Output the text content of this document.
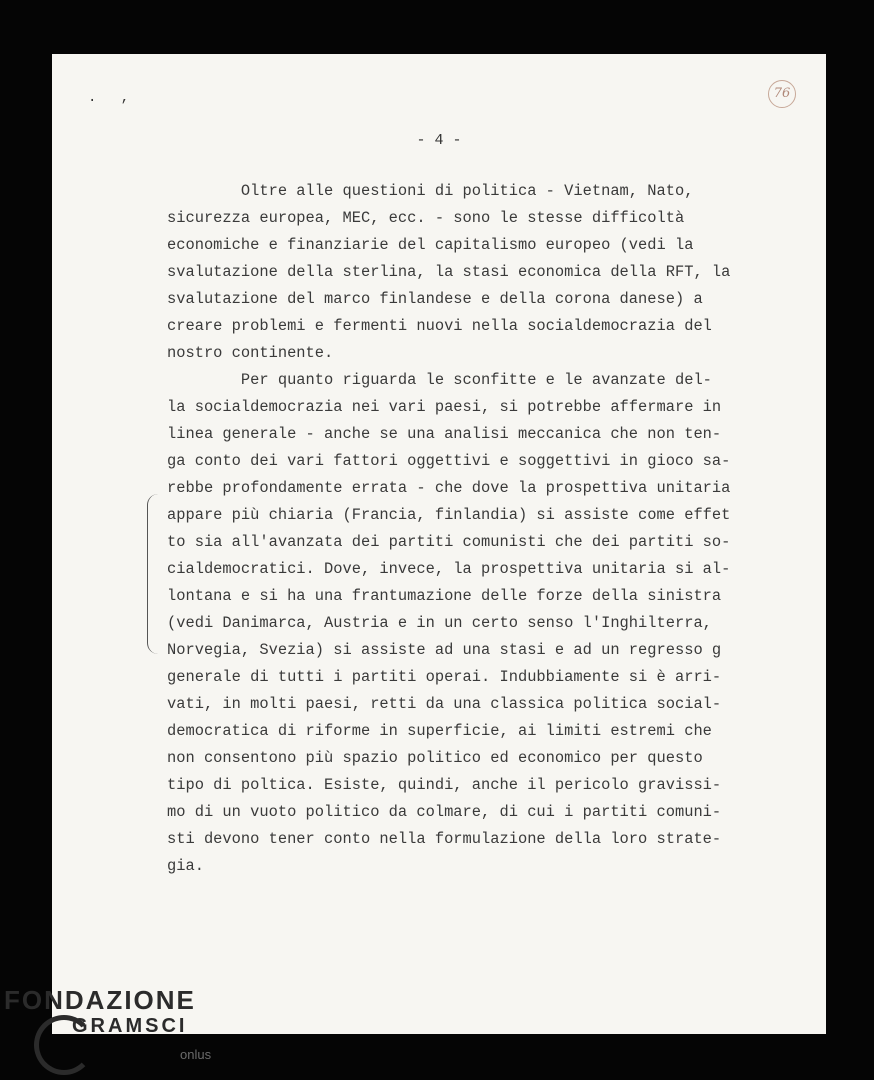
. ,	76
- 4 -

Oltre alle questioni di politica - Vietnam, Nato,
sicurezza europea, MEC, ecc. - sono le stesse difficoltà
economiche e finanziarie del capitalismo europeo (vedi la
svalutazione della sterlina, la stasi economica della RFT, la
svalutazione del marco finlandese e della corona danese) a
creare problemi e fermenti nuovi nella socialdemocrazia del
nostro continente.

Per quanto riguarda le sconfitte e le avanzate del-
la socialdemocrazia nei vari paesi, si potrebbe affermare in
linea generale - anche se una analisi meccanica che non ten-
ga conto dei vari fattori oggettivi e soggettivi in gioco sa-
rebbe profondamente errata - che dove la prospettiva unitaria
appare più chiaria (Francia, finlandia) si assiste come effet
to sia all'avanzata dei partiti comunisti che dei partiti so-
cialdemocratici. Dove, invece, la prospettiva unitaria si al-
lontana e si ha una frantumazione delle forze della sinistra
(vedi Danimarca, Austria e in un certo senso l'Inghilterra,
Norvegia, Svezia) si assiste ad una stasi e ad un regresso g
generale di tutti i partiti operai. Indubbiamente si è arri-
vati, in molti paesi, retti da una classica politica social-
democratica di riforme in superficie, ai limiti estremi che
non consentono più spazio politico ed economico per questo
tipo di poltica. Esiste, quindi, anche il pericolo gravissi-
mo di un vuoto politico da colmare, di cui i partiti comuni-
sti devono tener conto nella formulazione della loro strate-
gia.

FONDAZIONE
GRAMSCI
onlus
